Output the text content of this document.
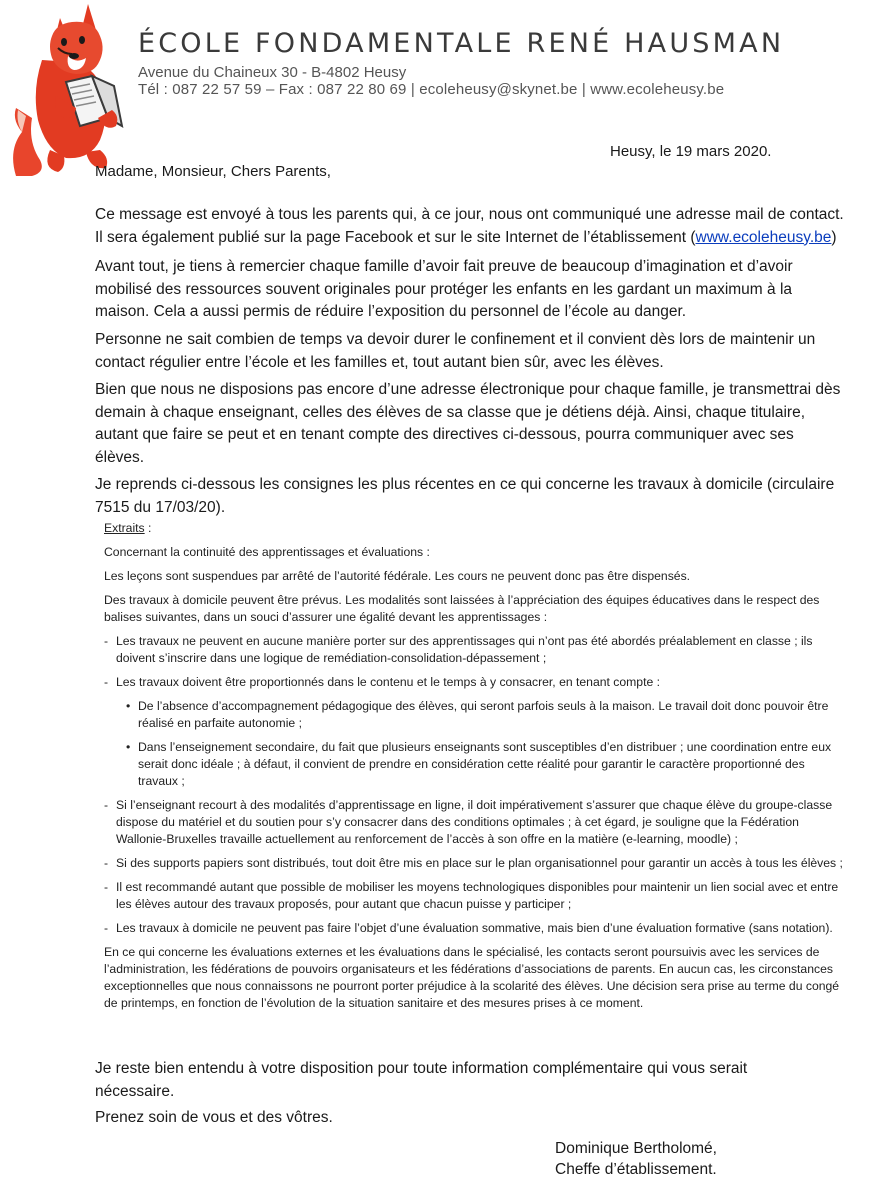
ÉCOLE FONDAMENTALE RENÉ HAUSMAN
Avenue du Chaineux 30 - B-4802 Heusy
Tél : 087 22 57 59 – Fax : 087 22 80 69 | ecoleheusy@skynet.be | www.ecoleheusy.be
Heusy, le 19 mars 2020.
Madame, Monsieur, Chers Parents,

Ce message est envoyé à tous les parents qui, à ce jour, nous ont communiqué une adresse mail de contact. Il sera également publié sur la page Facebook et sur le site Internet de l’établissement (www.ecoleheusy.be)

Avant tout, je tiens à remercier chaque famille d’avoir fait preuve de beaucoup d’imagination et d’avoir mobilisé des ressources souvent originales pour protéger les enfants en les gardant un maximum à la maison. Cela a aussi permis de réduire l’exposition du personnel de l’école au danger.

Personne ne sait combien de temps va devoir durer le confinement et il convient dès lors de maintenir un contact régulier entre l’école et les familles et, tout autant bien sûr, avec les élèves.

Bien que nous ne disposions pas encore d’une adresse électronique pour chaque famille, je transmettrai dès demain à chaque enseignant, celles des élèves de sa classe que je détiens déjà. Ainsi, chaque titulaire, autant que faire se peut et en tenant compte des directives ci-dessous, pourra communiquer avec ses élèves.

Je reprends ci-dessous les consignes les plus récentes en ce qui concerne les travaux à domicile (circulaire 7515 du 17/03/20).

Extraits :

Concernant la continuité des apprentissages et évaluations :

Les leçons sont suspendues par arrêté de l’autorité fédérale. Les cours ne peuvent donc pas être dispensés.

Des travaux à domicile peuvent être prévus. Les modalités sont laissées à l’appréciation des équipes éducatives dans le respect des balises suivantes, dans un souci d’assurer une égalité devant les apprentissages :

- Les travaux ne peuvent en aucune manière porter sur des apprentissages qui n’ont pas été abordés préalablement en classe ; ils doivent s’inscrire dans une logique de remédiation-consolidation-dépassement ;
- Les travaux doivent être proportionnés dans le contenu et le temps à y consacrer, en tenant compte :
• De l’absence d’accompagnement pédagogique des élèves, qui seront parfois seuls à la maison. Le travail doit donc pouvoir être réalisé en parfaite autonomie ;
• Dans l’enseignement secondaire, du fait que plusieurs enseignants sont susceptibles d’en distribuer ; une coordination entre eux serait donc idéale ; à défaut, il convient de prendre en considération cette réalité pour garantir le caractère proportionné des travaux ;
- Si l’enseignant recourt à des modalités d’apprentissage en ligne, il doit impérativement s’assurer que chaque élève du groupe-classe dispose du matériel et du soutien pour s’y consacrer dans des conditions optimales ; à cet égard, je souligne que la Fédération Wallonie-Bruxelles travaille actuellement au renforcement de l’accès à son offre en la matière (e-learning, moodle) ;
- Si des supports papiers sont distribués, tout doit être mis en place sur le plan organisationnel pour garantir un accès à tous les élèves ;
- Il est recommandé autant que possible de mobiliser les moyens technologiques disponibles pour maintenir un lien social avec et entre les élèves autour des travaux proposés, pour autant que chacun puisse y participer ;
- Les travaux à domicile ne peuvent pas faire l’objet d’une évaluation sommative, mais bien d’une évaluation formative (sans notation).

En ce qui concerne les évaluations externes et les évaluations dans le spécialisé, les contacts seront poursuivis avec les services de l’administration, les fédérations de pouvoirs organisateurs et les fédérations d’associations de parents. En aucun cas, les circonstances exceptionnelles que nous connaissons ne pourront porter préjudice à la scolarité des élèves. Une décision sera prise au terme du congé de printemps, en fonction de l’évolution de la situation sanitaire et des mesures prises à ce moment.

Je reste bien entendu à votre disposition pour toute information complémentaire qui vous serait nécessaire.

Prenez soin de vous et des vôtres.

Dominique Bertholomé,
Cheffe d’établissement.
